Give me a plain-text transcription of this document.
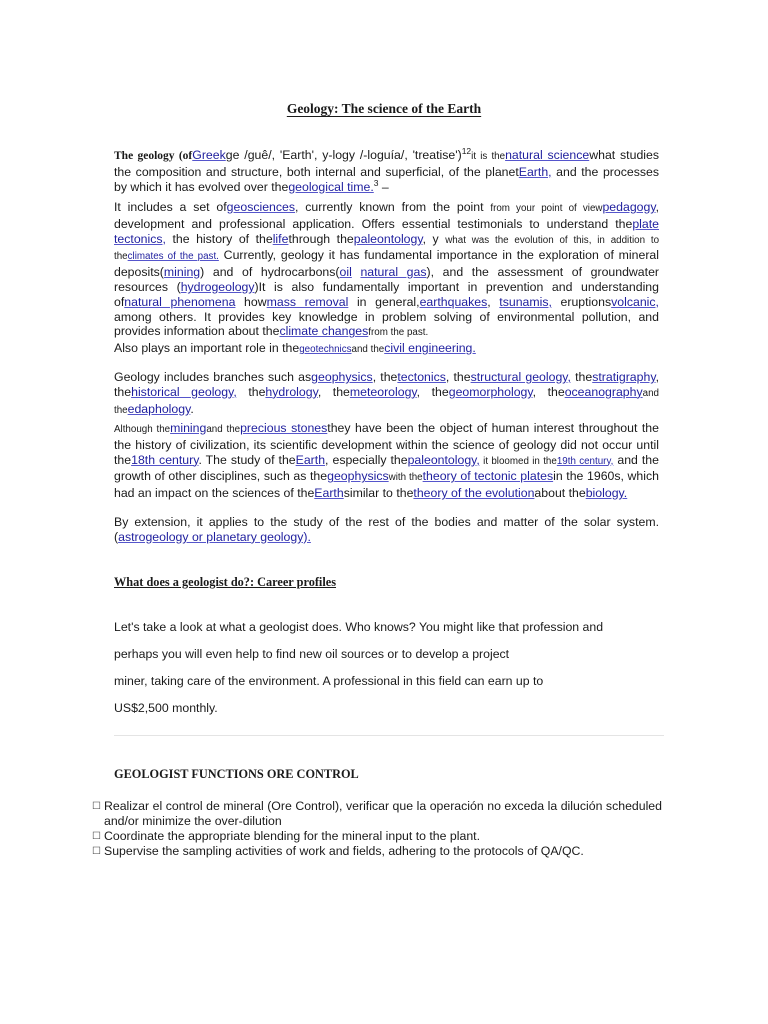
Geology: The science of the Earth

The geology (ofGreekge /guê/, 'Earth', y-logy /-loguía/, 'treatise')$^{12}$it is thenatural sciencewhat studies the composition and structure, both internal and superficial, of the planetEarth, and the processes by which it has evolved over thegeological time.$^3$ –

It includes a set ofgeosciences, currently known from the point from your point of viewpedagogy, development and professional application. Offers essential testimonials to understand theplate tectonics, the history of thelifethrough thepaleontology, y what was the evolution of this, in addition to theclimates of the past. Currently, geology it has fundamental importance in the exploration of mineral deposits(mining) and of hydrocarbons(oil natural gas), and the assessment of groundwater resources (hydrogeology)It is also fundamentally important in prevention and understanding ofnatural phenomena howmass removal in general,earthquakes, tsunamis, eruptionsvolcanic, among others. It provides key knowledge in problem solving of environmental pollution, and provides information about theclimate changesfrom the past.

Also plays an important role in thegeotechnicsand thecivil engineering.

Geology includes branches such asgeophysics, thetectonics, thestructural geology, thestratigraphy, thehistorical geology, thehydrology, themeteorology, thegeomorphology, theoceanographyand theedaphology.

Although theminingand theprecious stonesthey have been the object of human interest throughout the the history of civilization, its scientific development within the science of geology did not occur until the18th century. The study of theEarth, especially thepaleontology, it bloomed in the19th century, and the growth of other disciplines, such as thegeophysicswith thetheory of tectonic platesin the 1960s, which had an impact on the sciences of theEarthsimilar to thetheory of the evolutionabout thebiology.

By extension, it applies to the study of the rest of the bodies and matter of the solar system. (astrogeology or planetary geology).

What does a geologist do?: Career profiles
Let's take a look at what a geologist does. Who knows? You might like that profession and
perhaps you will even help to find new oil sources or to develop a project
miner, taking care of the environment. A professional in this field can earn up to
US$2,500 monthly.
GEOLOGIST FUNCTIONS ORE CONTROL
☐ Realizar el control de mineral (Ore Control), verificar que la operación no exceda la dilución scheduled and/or minimize the over-dilution
☐ Coordinate the appropriate blending for the mineral input to the plant.
☐ Supervise the sampling activities of work and fields, adhering to the protocols of QA/QC.
